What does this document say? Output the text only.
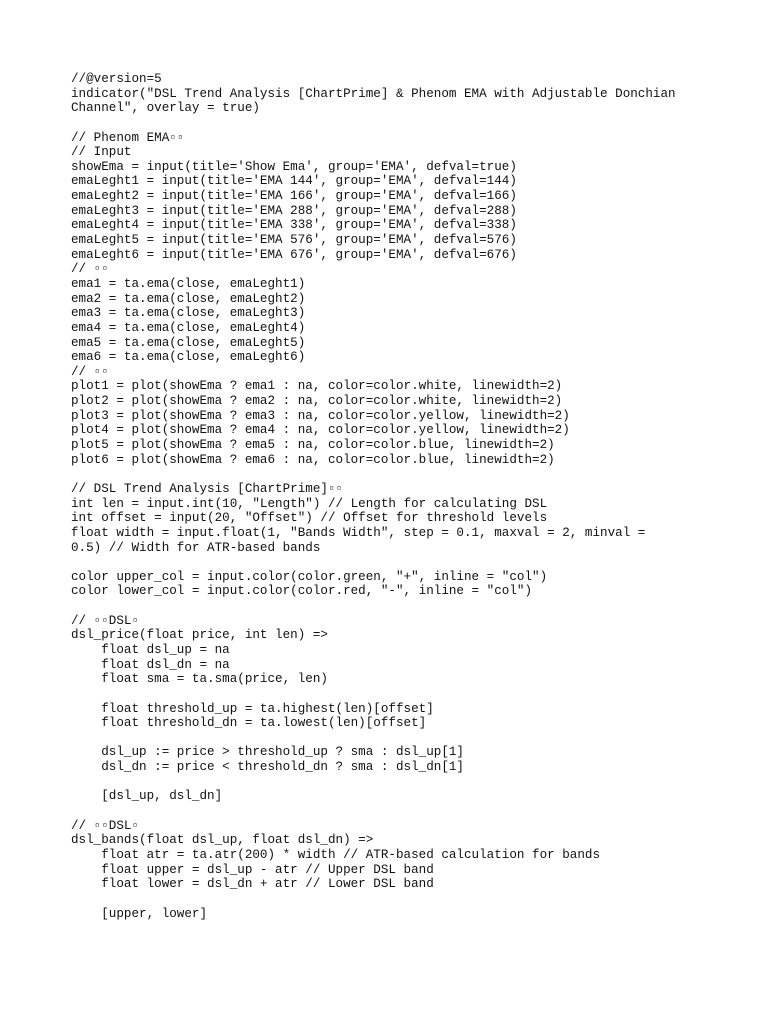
//@version=5
indicator("DSL Trend Analysis [ChartPrime] & Phenom EMA with Adjustable Donchian
Channel", overlay = true)
// Phenom EMA▫▫
// Input
showEma = input(title='Show Ema', group='EMA', defval=true)
emaLeght1 = input(title='EMA 144', group='EMA', defval=144)
emaLeght2 = input(title='EMA 166', group='EMA', defval=166)
emaLeght3 = input(title='EMA 288', group='EMA', defval=288)
emaLeght4 = input(title='EMA 338', group='EMA', defval=338)
emaLeght5 = input(title='EMA 576', group='EMA', defval=576)
emaLeght6 = input(title='EMA 676', group='EMA', defval=676)
// ▫▫
ema1 = ta.ema(close, emaLeght1)
ema2 = ta.ema(close, emaLeght2)
ema3 = ta.ema(close, emaLeght3)
ema4 = ta.ema(close, emaLeght4)
ema5 = ta.ema(close, emaLeght5)
ema6 = ta.ema(close, emaLeght6)
// ▫▫
plot1 = plot(showEma ? ema1 : na, color=color.white, linewidth=2)
plot2 = plot(showEma ? ema2 : na, color=color.white, linewidth=2)
plot3 = plot(showEma ? ema3 : na, color=color.yellow, linewidth=2)
plot4 = plot(showEma ? ema4 : na, color=color.yellow, linewidth=2)
plot5 = plot(showEma ? ema5 : na, color=color.blue, linewidth=2)
plot6 = plot(showEma ? ema6 : na, color=color.blue, linewidth=2)
// DSL Trend Analysis [ChartPrime]▫▫
int len = input.int(10, "Length") // Length for calculating DSL
int offset = input(20, "Offset") // Offset for threshold levels
float width = input.float(1, "Bands Width", step = 0.1, maxval = 2, minval =
0.5) // Width for ATR-based bands
color upper_col = input.color(color.green, "+", inline = "col")
color lower_col = input.color(color.red, "-", inline = "col")
// ▫▫DSL▫
dsl_price(float price, int len) =>
float dsl_up = na
float dsl_dn = na
float sma = ta.sma(price, len)
float threshold_up = ta.highest(len)[offset]
float threshold_dn = ta.lowest(len)[offset]
dsl_up := price > threshold_up ? sma : dsl_up[1]
dsl_dn := price < threshold_dn ? sma : dsl_dn[1]
[dsl_up, dsl_dn]
// ▫▫DSL▫
dsl_bands(float dsl_up, float dsl_dn) =>
float atr = ta.atr(200) * width // ATR-based calculation for bands
float upper = dsl_up - atr // Upper DSL band
float lower = dsl_dn + atr // Lower DSL band
[upper, lower]
